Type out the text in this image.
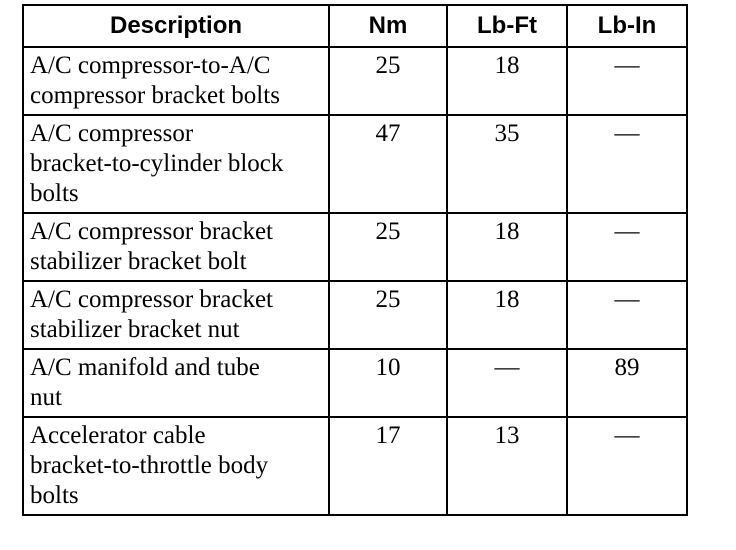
Description	Nm	Lb-Ft	Lb-In
A/C compressor-to-A/C
compressor bracket bolts	25	18	—
A/C compressor
bracket-to-cylinder block
bolts	47	35	—
A/C compressor bracket
stabilizer bracket bolt	25	18	—
A/C compressor bracket
stabilizer bracket nut	25	18	—
A/C manifold and tube
nut	10	—	89
Accelerator cable
bracket-to-throttle body
bolts	17	13	—
